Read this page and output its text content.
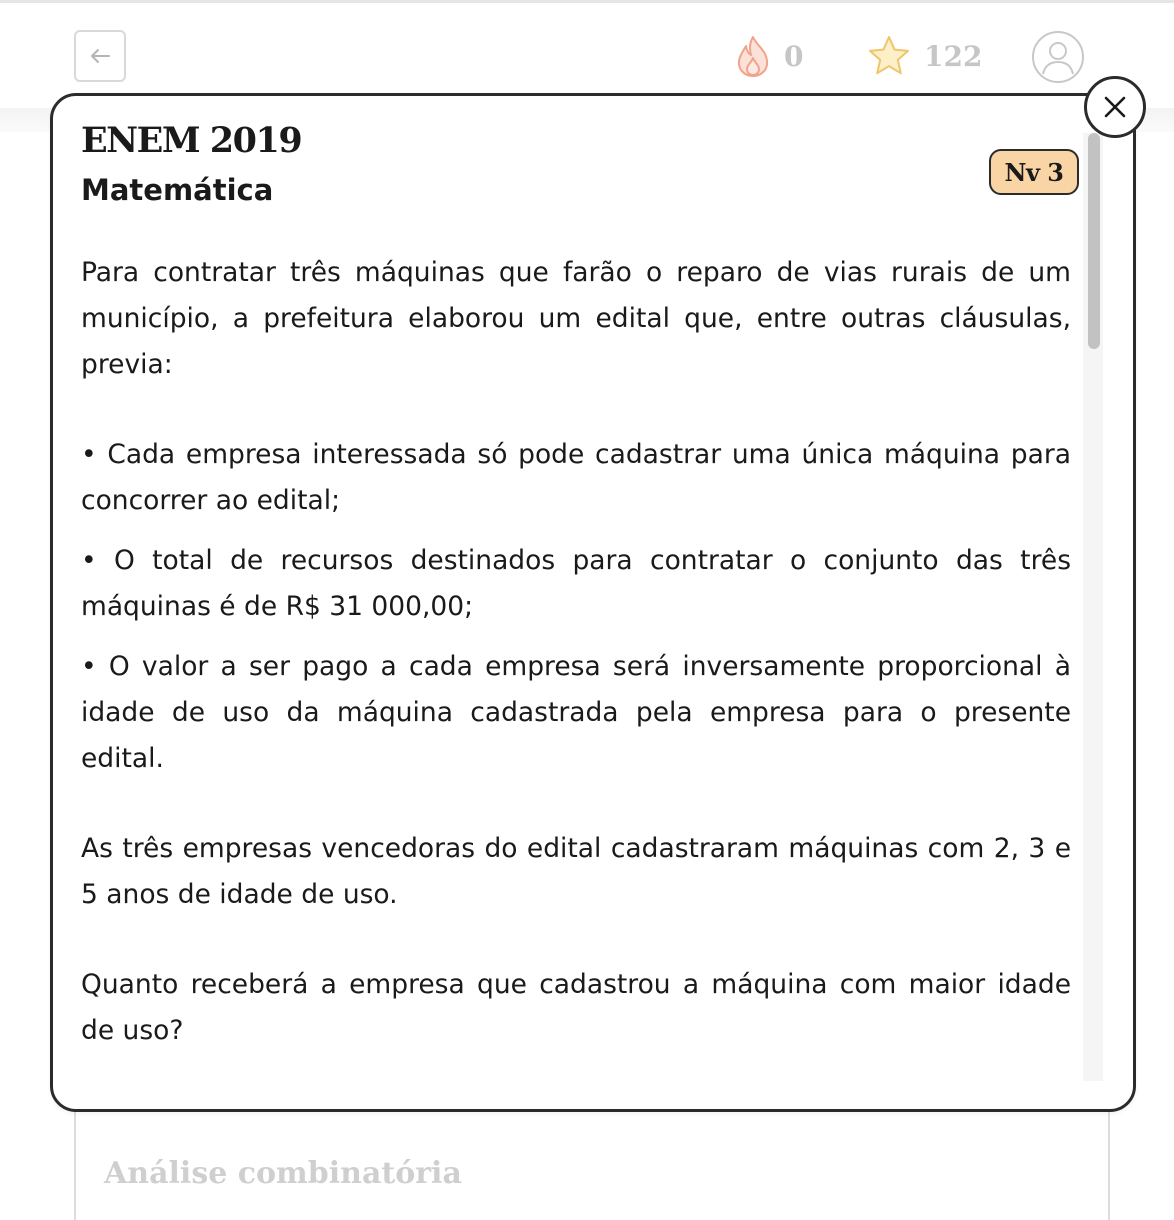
0	122
Análise combinatória
ENEM 2019
Matemática
Nv 3

Para contratar três máquinas que farão o reparo de vias rurais de um município, a prefeitura elaborou um edital que, entre outras cláusulas, previa:

• Cada empresa interessada só pode cadastrar uma única máquina para concorrer ao edital;

• O total de recursos destinados para contratar o conjunto das três máquinas é de R$ 31 000,00;

• O valor a ser pago a cada empresa será inversamente proporcional à idade de uso da máquina cadastrada pela empresa para o presente edital.

As três empresas vencedoras do edital cadastraram máquinas com 2, 3 e 5 anos de idade de uso.

Quanto receberá a empresa que cadastrou a máquina com maior idade de uso?
